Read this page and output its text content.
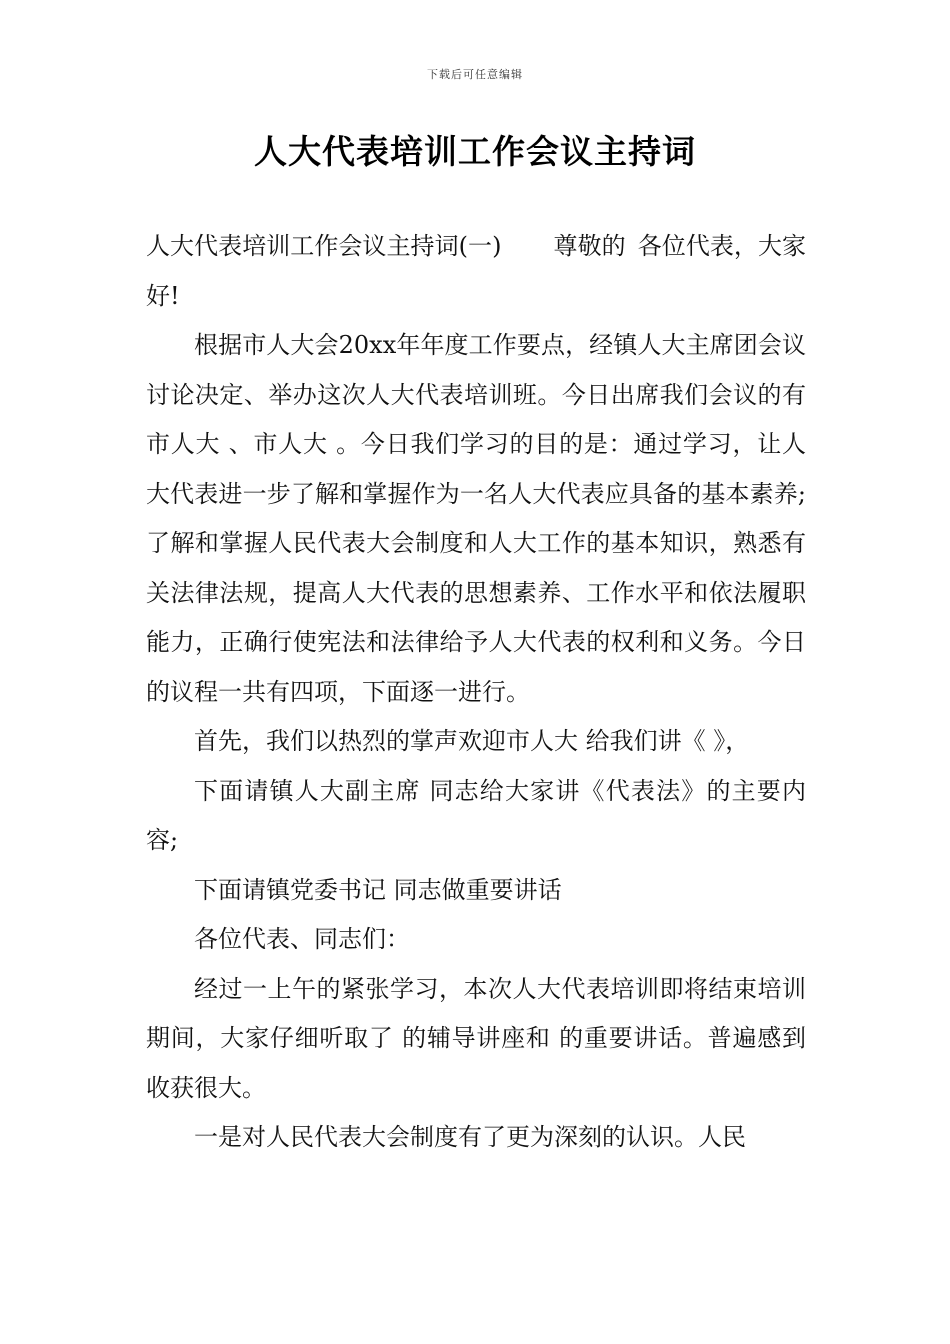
下载后可任意编辑
人大代表培训工作会议主持词

人大代表培训工作会议主持词(一) 尊敬的 各位代表，大家好!

根据市人大会20xx年年度工作要点，经镇人大主席团会议讨论决定、举办这次人大代表培训班。今日出席我们会议的有市人大 、市人大 。今日我们学习的目的是：通过学习，让人大代表进一步了解和掌握作为一名人大代表应具备的基本素养;了解和掌握人民代表大会制度和人大工作的基本知识，熟悉有关法律法规，提高人大代表的思想素养、工作水平和依法履职能力，正确行使宪法和法律给予人大代表的权利和义务。今日的议程一共有四项，下面逐一进行。

首先，我们以热烈的掌声欢迎市人大 给我们讲《 》，

下面请镇人大副主席 同志给大家讲《代表法》的主要内容;

下面请镇党委书记 同志做重要讲话

各位代表、同志们：

经过一上午的紧张学习，本次人大代表培训即将结束培训期间，大家仔细听取了 的辅导讲座和 的重要讲话。普遍感到收获很大。

一是对人民代表大会制度有了更为深刻的认识。人民
